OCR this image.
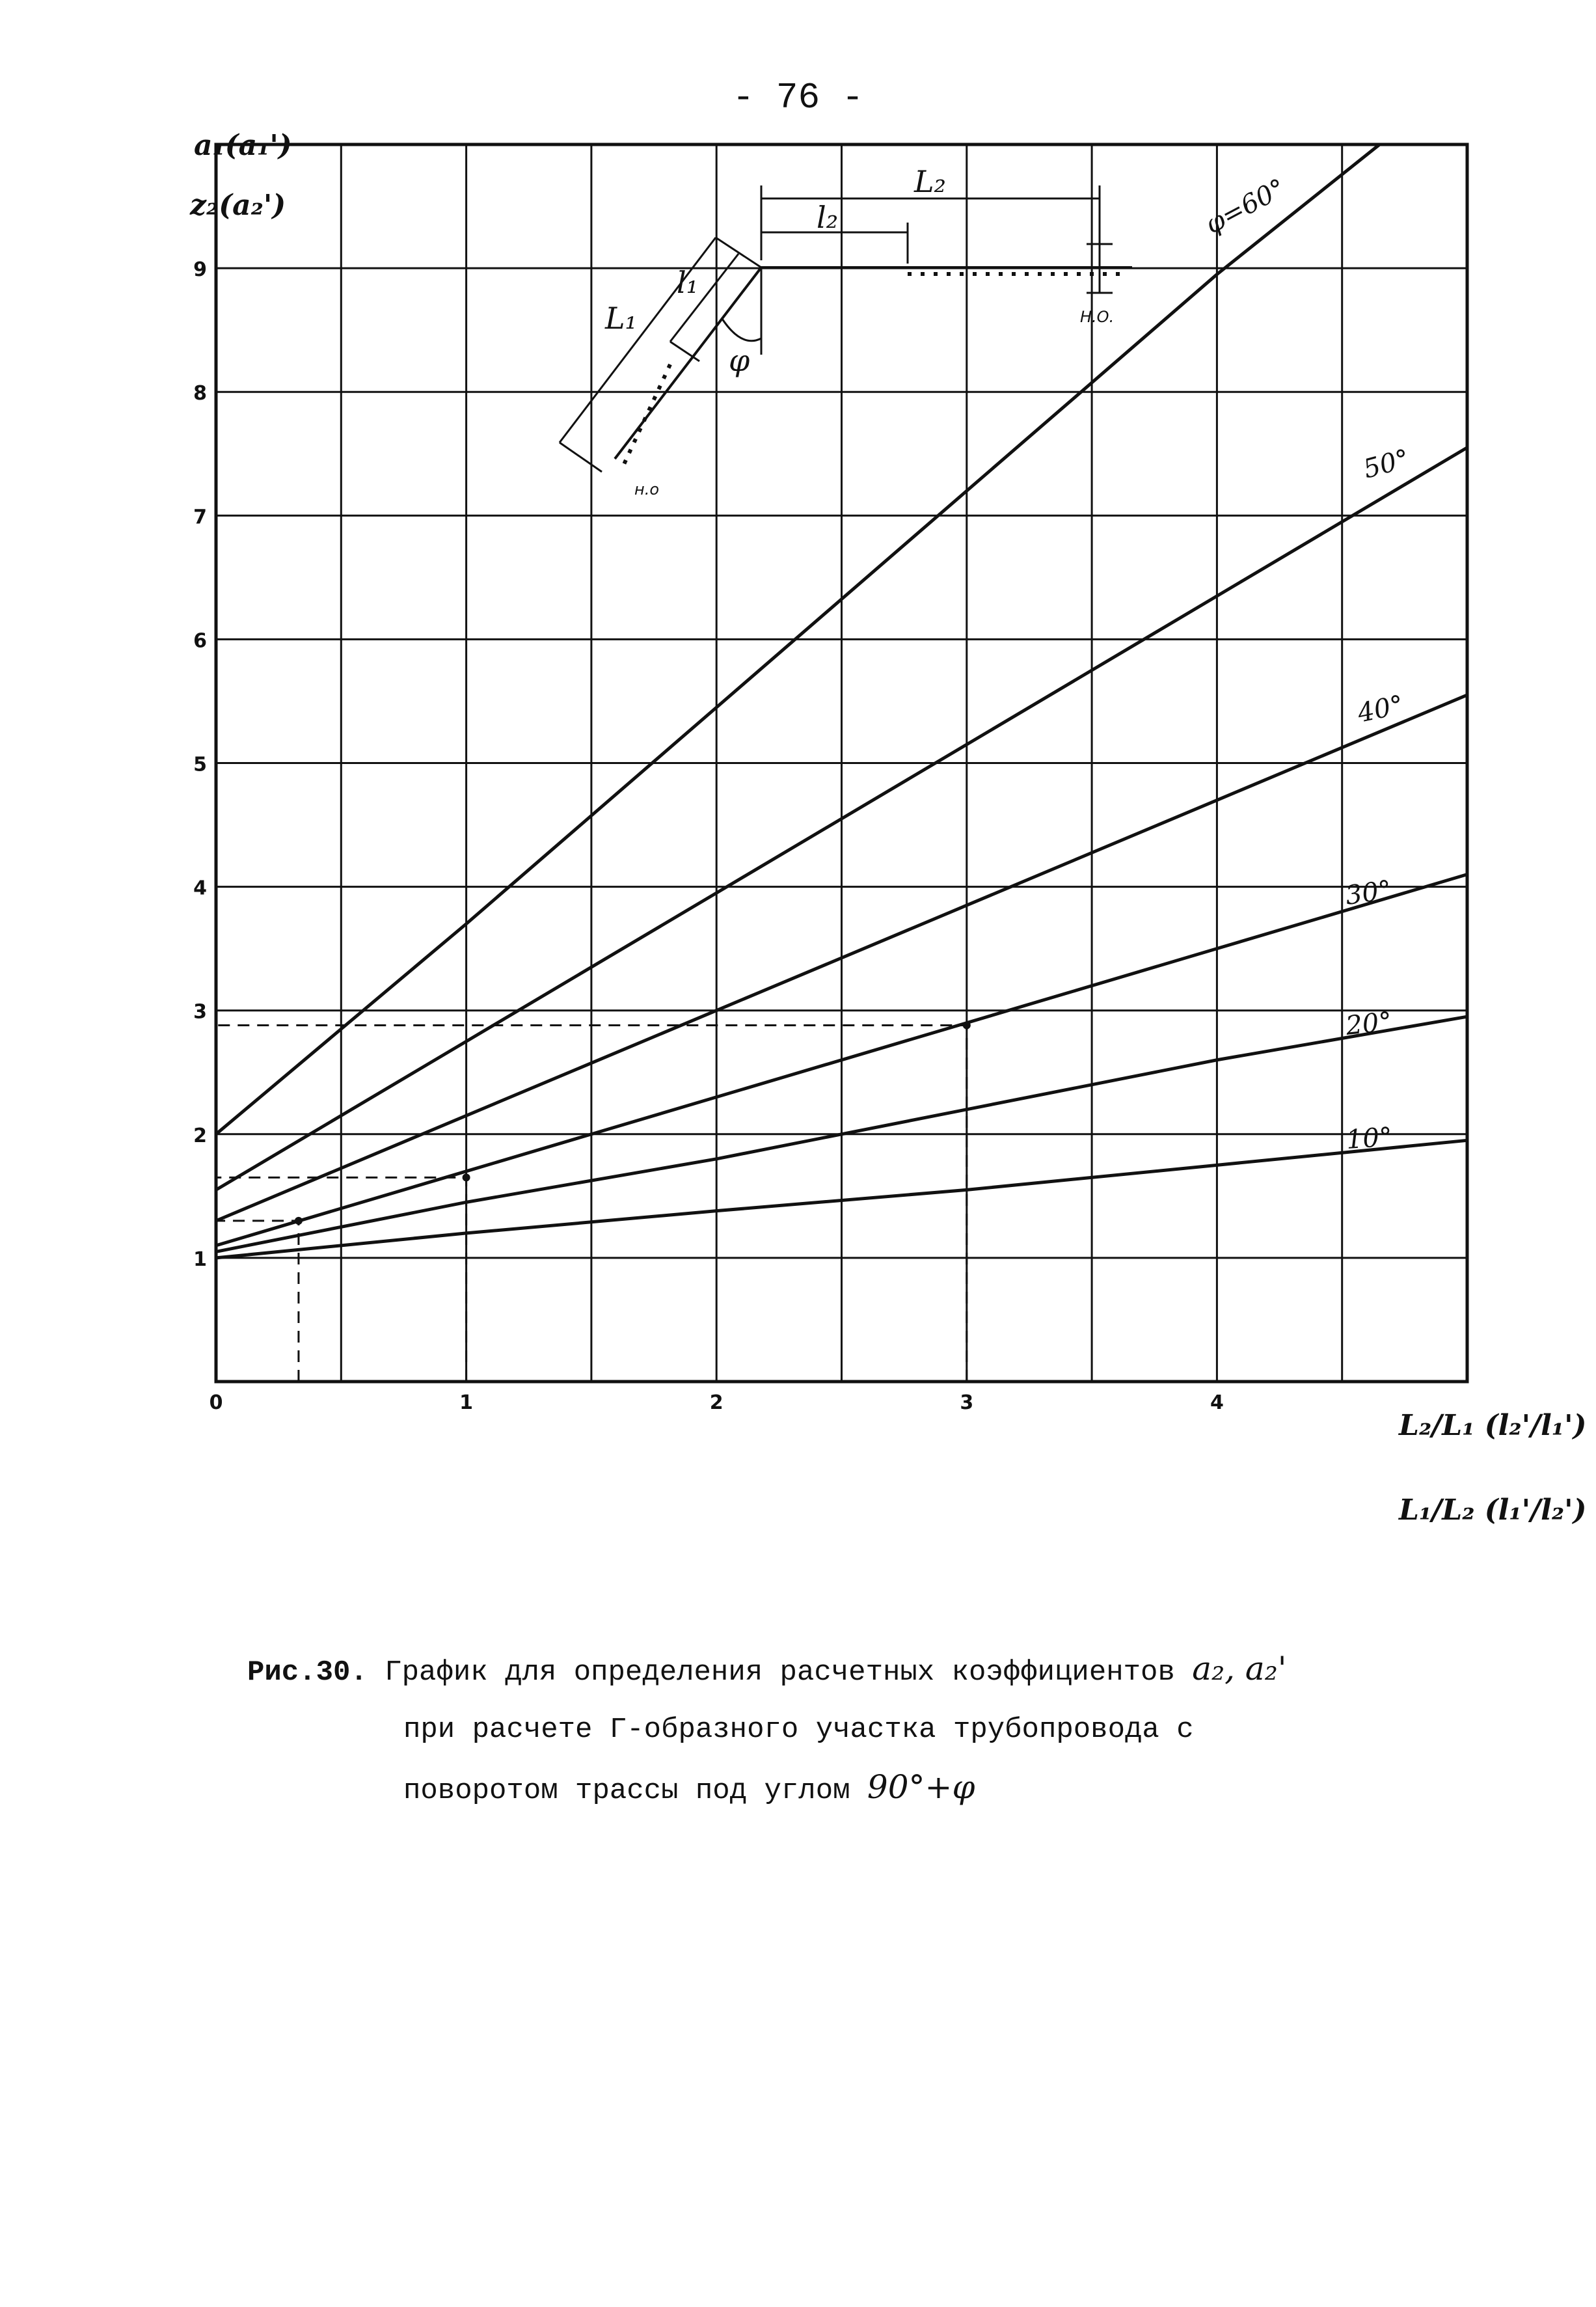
- 76 -
0	1	2	3	4
1
2
3
4
5
6
7
8
9
φ=60°
50°
40°
30°
20°
10°
a₁(a₁')
z₂(a₂')
L₂/L₁ (l₂'/l₁')
L₁/L₂ (l₁'/l₂')
L₂
l₂
L₁
l₁
φ
н.о
Н.О.
Рис.30. График для определения расчетных коэффициентов a₂, a₂'
при расчете Г-образного участка трубопровода с
поворотом трассы под углом 90°+φ
